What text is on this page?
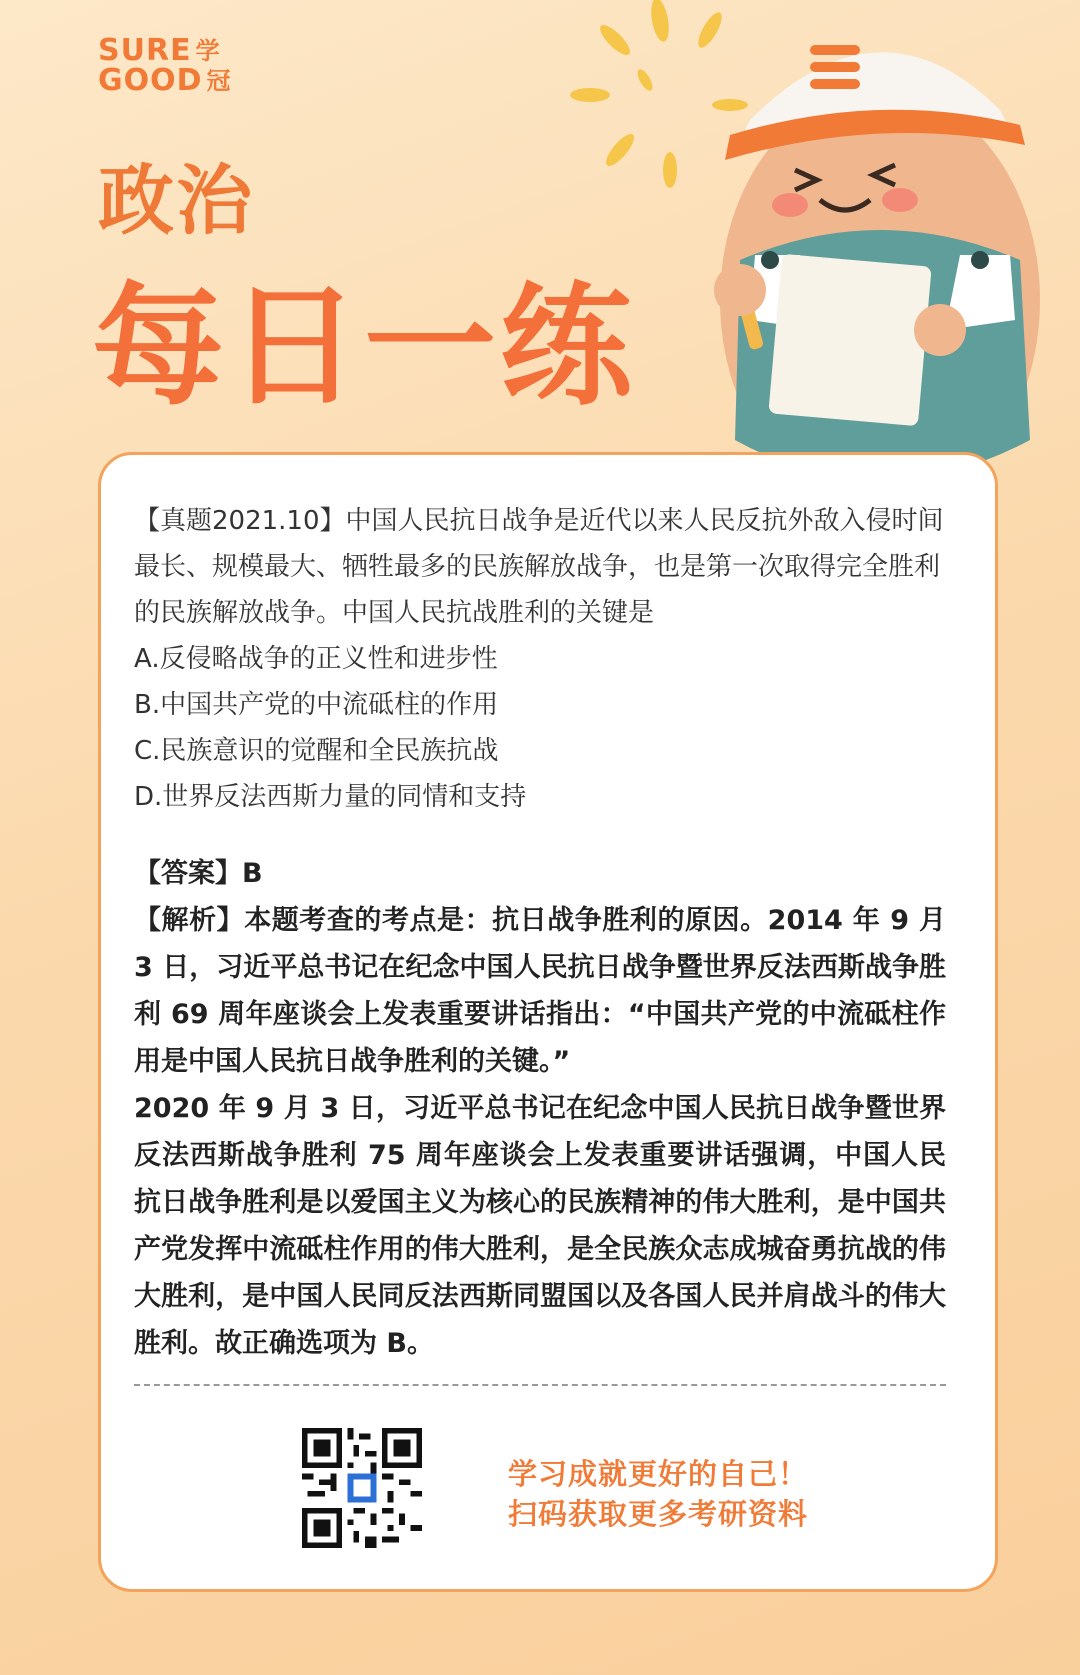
SURE 学
GOOD 冠
政治
每日一练

【真题2021.10】中国人民抗日战争是近代以来人民反抗外敌入侵时间最长、规模最大、牺牲最多的民族解放战争，也是第一次取得完全胜利的民族解放战争。中国人民抗战胜利的关键是

A.反侵略战争的正义性和进步性
B.中国共产党的中流砥柱的作用
C.民族意识的觉醒和全民族抗战
D.世界反法西斯力量的同情和支持

【答案】B

【解析】本题考查的考点是：抗日战争胜利的原因。2014 年 9 月 3 日，习近平总书记在纪念中国人民抗日战争暨世界反法西斯战争胜利 69 周年座谈会上发表重要讲话指出：“中国共产党的中流砥柱作用是中国人民抗日战争胜利的关键。”

2020 年 9 月 3 日，习近平总书记在纪念中国人民抗日战争暨世界反法西斯战争胜利 75 周年座谈会上发表重要讲话强调，中国人民抗日战争胜利是以爱国主义为核心的民族精神的伟大胜利，是中国共产党发挥中流砥柱作用的伟大胜利，是全民族众志成城奋勇抗战的伟大胜利，是中国人民同反法西斯同盟国以及各国人民并肩战斗的伟大胜利。故正确选项为 B。

学习成就更好的自己！
扫码获取更多考研资料
